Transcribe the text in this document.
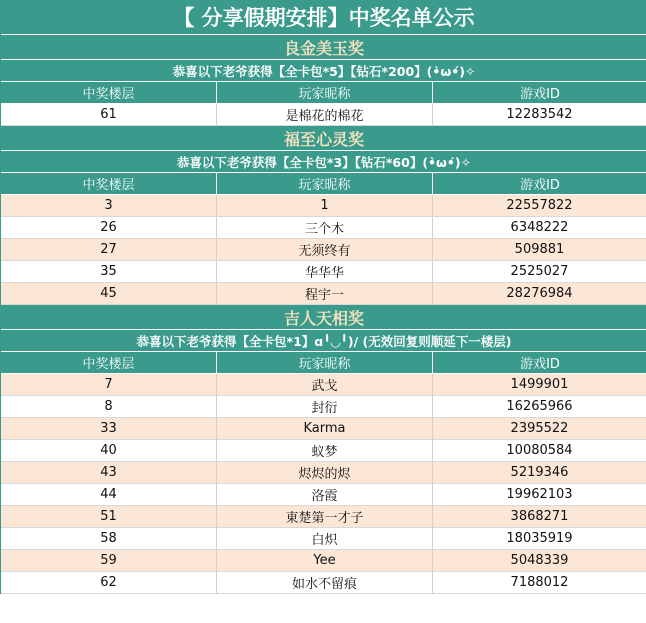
【 分享假期安排】中奖名单公示
良金美玉奖
恭喜以下老爷获得【全卡包*5】【钻石*200】(•̀ω•́)✧
中奖楼层	玩家昵称	游戏ID
61	是棉花的棉花	12283542
福至心灵奖
恭喜以下老爷获得【全卡包*3】【钻石*60】(•̀ω•́)✧
中奖楼层	玩家昵称	游戏ID
3	1	22557822
26	三个木	6348222
27	无须终有	509881
35	华华华	2525027
45	程宇一	28276984
吉人天相奖
恭喜以下老爷获得【全卡包*1】ɑ╹◡╹)/ (无效回复则顺延下一楼层)
中奖楼层	玩家昵称	游戏ID
7	武戈	1499901
8	封衍	16265966
33	Karma	2395522
40	蚁梦	10080584
43	烬烬的烬	5219346
44	洛霞	19962103
51	東楚第一才子	3868271
58	白炽	18035919
59	Yee	5048339
62	如水不留痕	7188012
